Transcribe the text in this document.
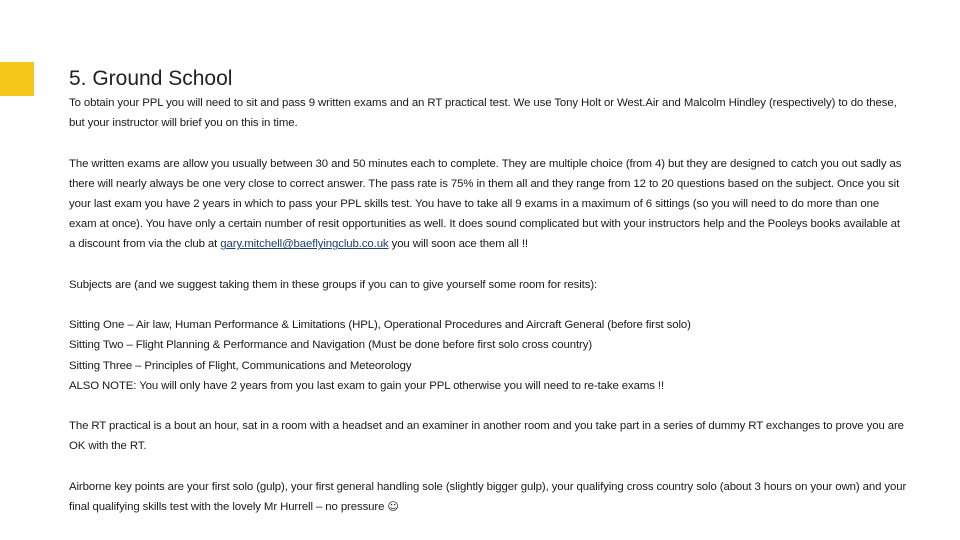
5. Ground School

To obtain your PPL you will need to sit and pass 9 written exams and an RT practical test. We use Tony Holt or West.Air and Malcolm Hindley (respectively) to do these, but your instructor will brief you on this in time.

The written exams are allow you usually between 30 and 50 minutes each to complete. They are multiple choice (from 4) but they are designed to catch you out sadly as there will nearly always be one very close to correct answer. The pass rate is 75% in them all and they range from 12 to 20 questions based on the subject. Once you sit your last exam you have 2 years in which to pass your PPL skills test. You have to take all 9 exams in a maximum of 6 sittings (so you will need to do more than one exam at once). You have only a certain number of resit opportunities as well. It does sound complicated but with your instructors help and the Pooleys books available at a discount from via the club at gary.mitchell@baeflyingclub.co.uk you will soon ace them all !!

Subjects are (and we suggest taking them in these groups if you can to give yourself some room for resits):

Sitting One – Air law, Human Performance & Limitations (HPL), Operational Procedures and Aircraft General (before first solo)

Sitting Two – Flight Planning & Performance and Navigation (Must be done before first solo cross country)

Sitting Three – Principles of Flight, Communications and Meteorology

ALSO NOTE: You will only have 2 years from you last exam to gain your PPL otherwise you will need to re-take exams !!

The RT practical is a bout an hour, sat in a room with a headset and an examiner in another room and you take part in a series of dummy RT exchanges to prove you are OK with the RT.

Airborne key points are your first solo (gulp), your first general handling sole (slightly bigger gulp), your qualifying cross country solo (about 3 hours on your own) and your final qualifying skills test with the lovely Mr Hurrell – no pressure ☺
